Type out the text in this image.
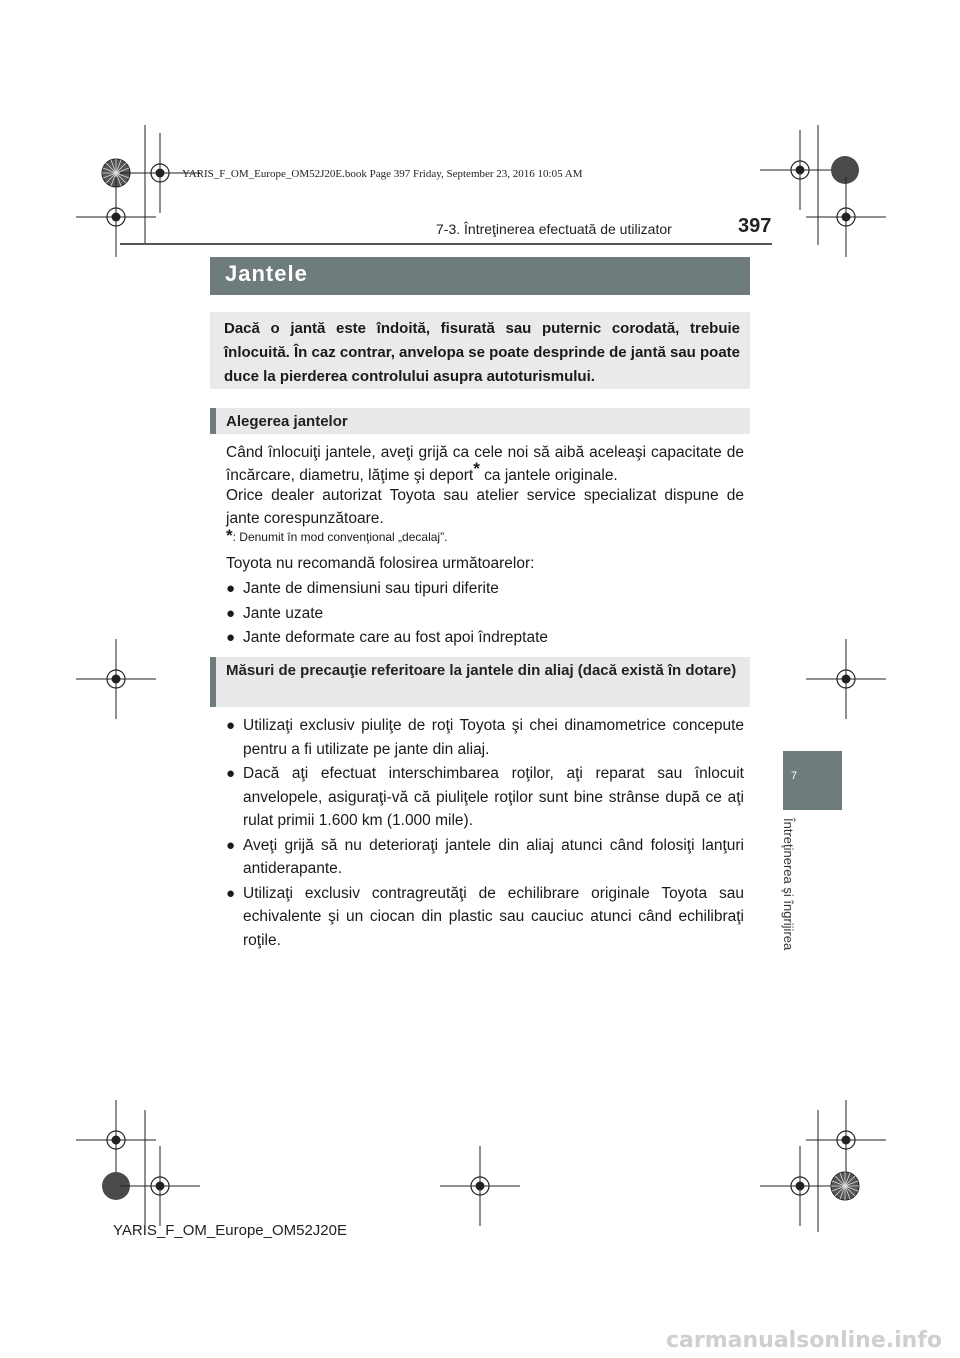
YARIS_F_OM_Europe_OM52J20E.book Page 397 Friday, September 23, 2016 10:05 AM
7-3. Întreţinerea efectuată de utilizator	397
7
Întreţinerea şi îngrijirea
Jantele
Dacă o jantă este îndoită, fisurată sau puternic corodată, trebuie înlocuită. În caz contrar, anvelopa se poate desprinde de jantă sau poate duce la pierderea controlului asupra autoturismului.
Alegerea jantelor

Când înlocuiţi jantele, aveţi grijă ca cele noi să aibă aceleaşi capacitate de încărcare, diametru, lăţime şi deport* ca jantele originale.

Orice dealer autorizat Toyota sau atelier service specializat dispune de jante corespunzătoare.

*: Denumit în mod convenţional „decalaj”.

Toyota nu recomandă folosirea următoarelor:

● Jante de dimensiuni sau tipuri diferite
● Jante uzate
● Jante deformate care au fost apoi îndreptate
Măsuri de precauţie referitoare la jantele din aliaj (dacă există în dotare)
● Utilizaţi exclusiv piuliţe de roţi Toyota şi chei dinamometrice concepute pentru a fi utilizate pe jante din aliaj.
● Dacă aţi efectuat interschimbarea roţilor, aţi reparat sau înlocuit anvelopele, asiguraţi-vă că piuliţele roţilor sunt bine strânse după ce aţi rulat primii 1.600 km (1.000 mile).
● Aveţi grijă să nu deterioraţi jantele din aliaj atunci când folosiţi lanţuri antiderapante.
● Utilizaţi exclusiv contragreutăţi de echilibrare originale Toyota sau echivalente şi un ciocan din plastic sau cauciuc atunci când echilibraţi roţile.
YARIS_F_OM_Europe_OM52J20E
carmanualsonline.info
